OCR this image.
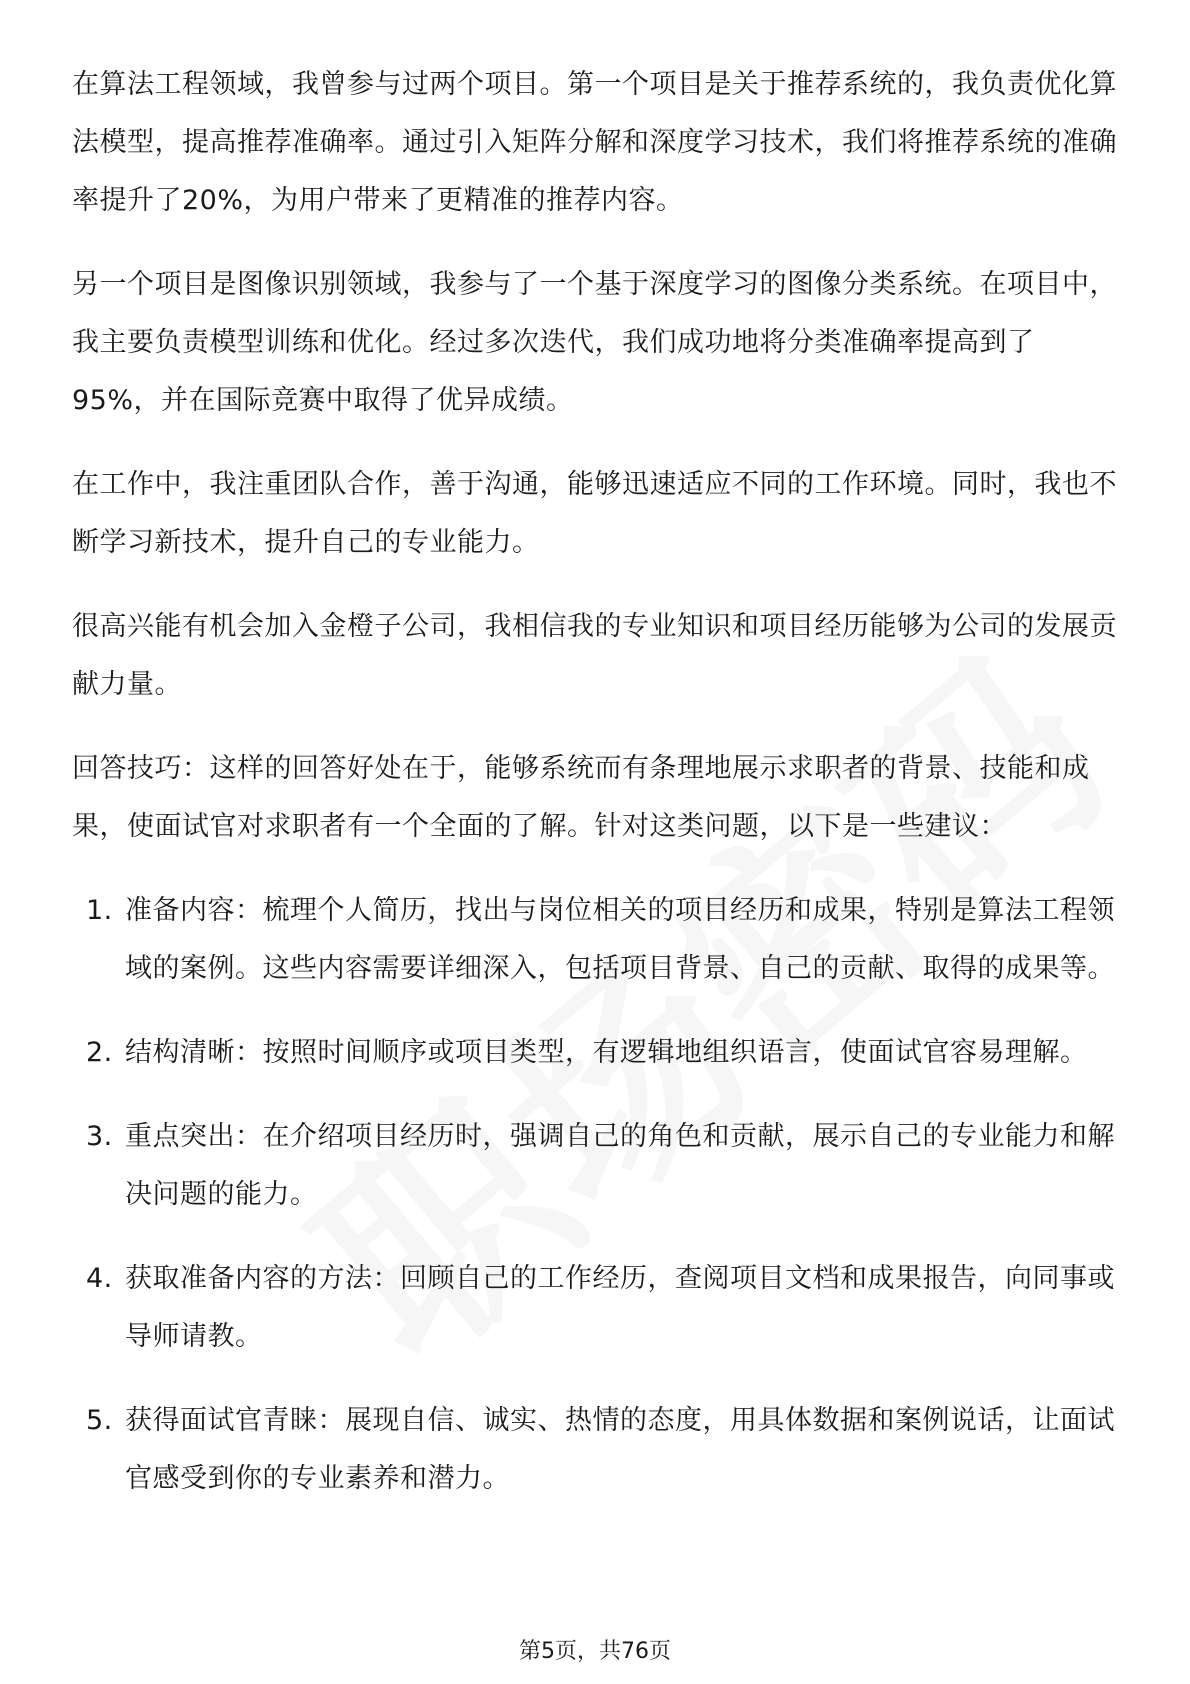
在算法工程领域，我曾参与过两个项目。第一个项目是关于推荐系统的，我负责优化算法模型，提高推荐准确率。通过引入矩阵分解和深度学习技术，我们将推荐系统的准确率提升了20%，为用户带来了更精准的推荐内容。

另一个项目是图像识别领域，我参与了一个基于深度学习的图像分类系统。在项目中，我主要负责模型训练和优化。经过多次迭代，我们成功地将分类准确率提高到了95%，并在国际竞赛中取得了优异成绩。

在工作中，我注重团队合作，善于沟通，能够迅速适应不同的工作环境。同时，我也不断学习新技术，提升自己的专业能力。

很高兴能有机会加入金橙子公司，我相信我的专业知识和项目经历能够为公司的发展贡献力量。

回答技巧：这样的回答好处在于，能够系统而有条理地展示求职者的背景、技能和成果，使面试官对求职者有一个全面的了解。针对这类问题，以下是一些建议：

1. 准备内容：梳理个人简历，找出与岗位相关的项目经历和成果，特别是算法工程领域的案例。这些内容需要详细深入，包括项目背景、自己的贡献、取得的成果等。
2. 结构清晰：按照时间顺序或项目类型，有逻辑地组织语言，使面试官容易理解。
3. 重点突出：在介绍项目经历时，强调自己的角色和贡献，展示自己的专业能力和解决问题的能力。
4. 获取准备内容的方法：回顾自己的工作经历，查阅项目文档和成果报告，向同事或导师请教。
5. 获得面试官青睐：展现自信、诚实、热情的态度，用具体数据和案例说话，让面试官感受到你的专业素养和潜力。
第5页，共76页
